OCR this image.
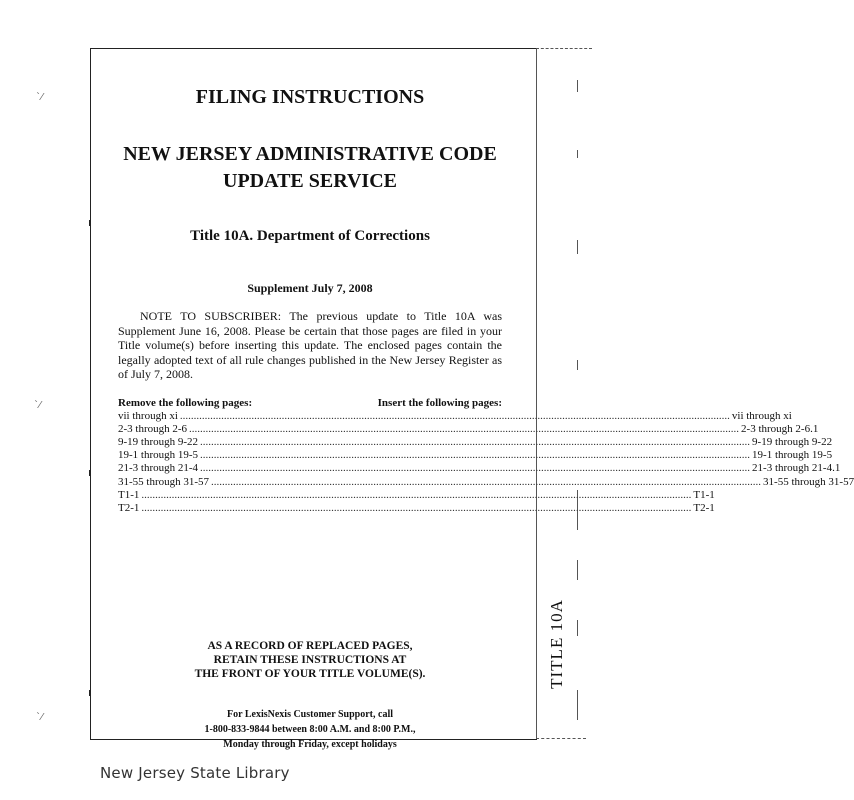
`⁄
`⁄
`⁄
TITLE 10A
FILING INSTRUCTIONS
NEW JERSEY ADMINISTRATIVE CODE
UPDATE SERVICE
Title 10A. Department of Corrections
Supplement July 7, 2008
NOTE TO SUBSCRIBER: The previous update to Title 10A was Supplement June 16, 2008. Please be certain that those pages are filed in your Title volume(s) before inserting this update. The enclosed pages contain the legally adopted text of all rule changes published in the New Jersey Register as of July 7, 2008.
Remove the following pages:	Insert the following pages:
vii through xi ........................................................................................................................................................................................................ vii through xi
2-3 through 2-6 ........................................................................................................................................................................................................ 2-3 through 2-6.1
9-19 through 9-22 ........................................................................................................................................................................................................ 9-19 through 9-22
19-1 through 19-5 ........................................................................................................................................................................................................ 19-1 through 19-5
21-3 through 21-4 ........................................................................................................................................................................................................ 21-3 through 21-4.1
31-55 through 31-57 ........................................................................................................................................................................................................ 31-55 through 31-57
T1-1 ........................................................................................................................................................................................................ T1-1
T2-1 ........................................................................................................................................................................................................ T2-1
AS A RECORD OF REPLACED PAGES,
RETAIN THESE INSTRUCTIONS AT
THE FRONT OF YOUR TITLE VOLUME(S).
For LexisNexis Customer Support, call
1-800-833-9844 between 8:00 A.M. and 8:00 P.M.,
Monday through Friday, except holidays
New Jersey State Library
